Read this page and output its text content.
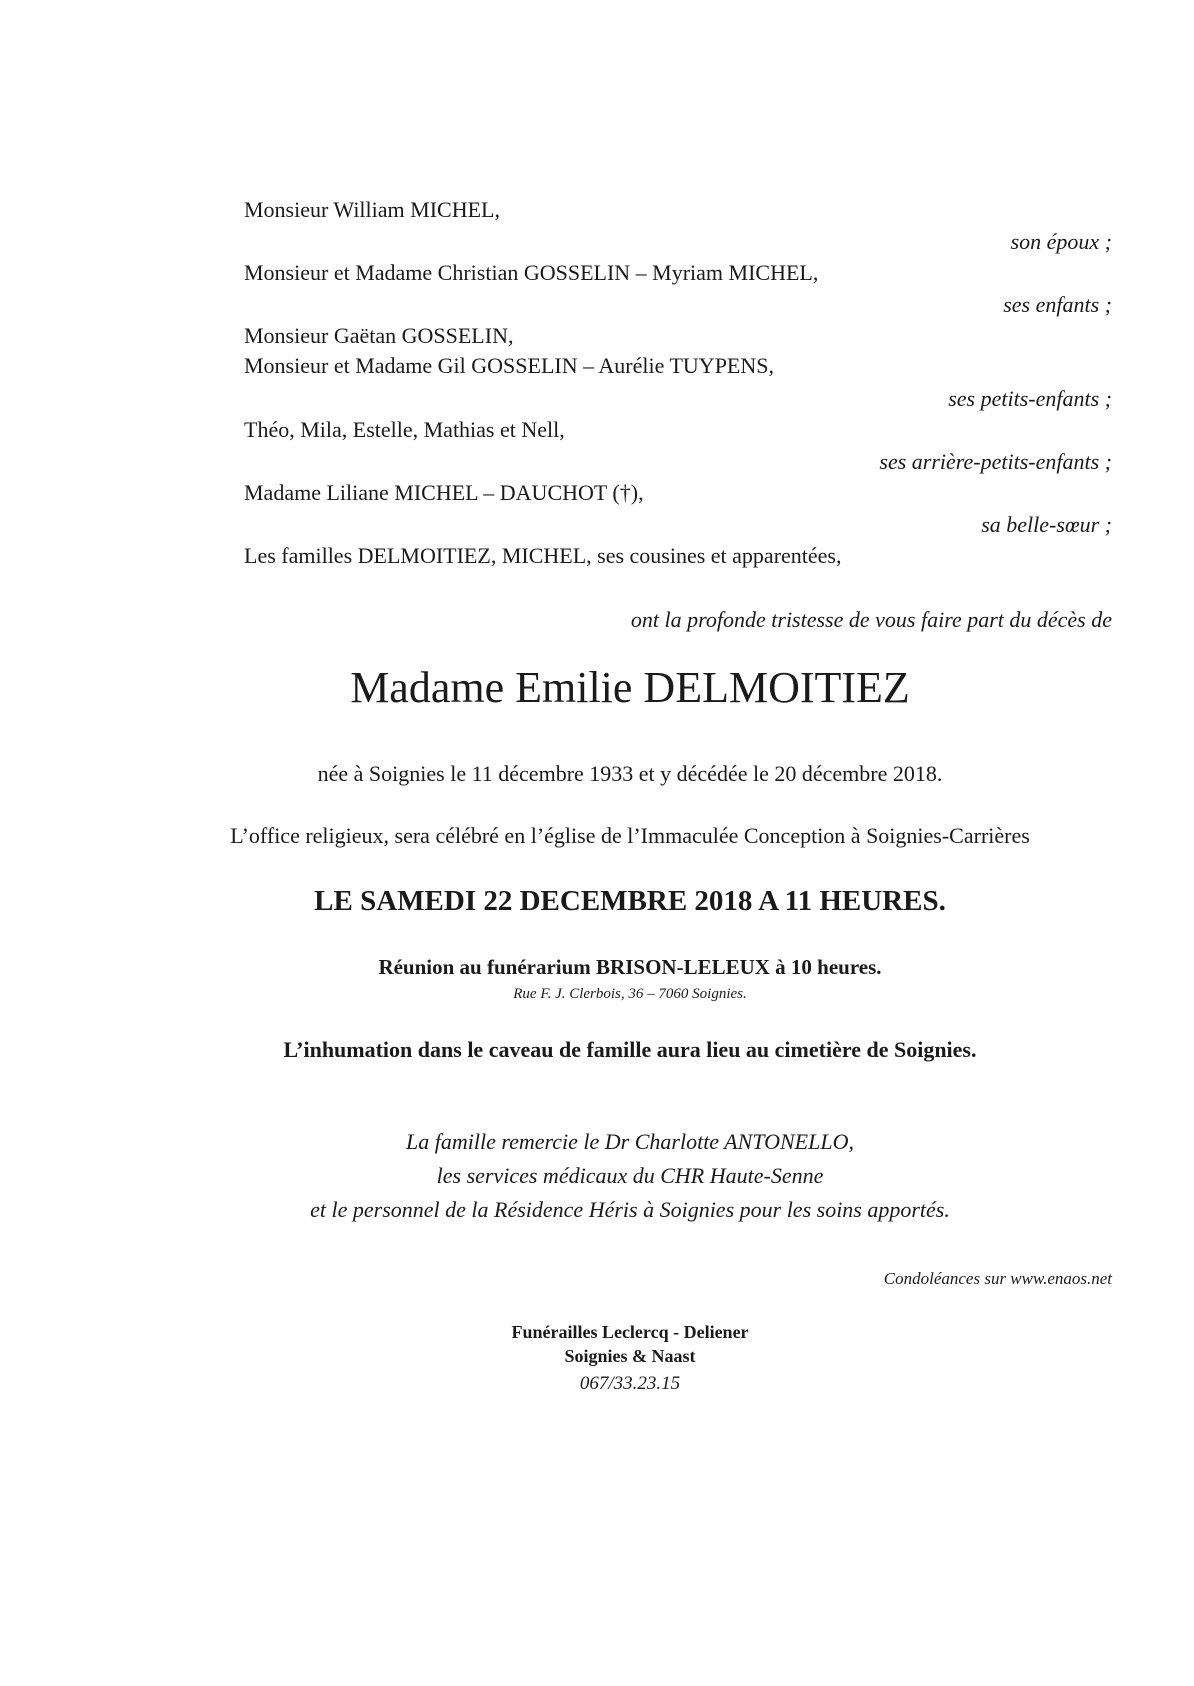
Monsieur William MICHEL,
son époux ;
Monsieur et Madame Christian GOSSELIN – Myriam MICHEL,
ses enfants ;
Monsieur Gaëtan GOSSELIN,
Monsieur et Madame Gil GOSSELIN – Aurélie TUYPENS,
ses petits-enfants ;
Théo, Mila, Estelle, Mathias et Nell,
ses arrière-petits-enfants ;
Madame Liliane MICHEL – DAUCHOT (†),
sa belle-sœur ;
Les familles DELMOITIEZ, MICHEL, ses cousines et apparentées,
ont la profonde tristesse de vous faire part du décès de
Madame Emilie DELMOITIEZ
née à Soignies le 11 décembre 1933 et y décédée le 20 décembre 2018.
L’office religieux, sera célébré en l’église de l’Immaculée Conception à Soignies-Carrières
LE SAMEDI 22 DECEMBRE 2018 A 11 HEURES.
Réunion au funérarium BRISON-LELEUX à 10 heures.
Rue F. J. Clerbois, 36 – 7060 Soignies.
L’inhumation dans le caveau de famille aura lieu au cimetière de Soignies.
La famille remercie le Dr Charlotte ANTONELLO,
les services médicaux du CHR Haute-Senne
et le personnel de la Résidence Héris à Soignies pour les soins apportés.
Condoléances sur www.enaos.net
Funérailles Leclercq - Deliener
Soignies & Naast
067/33.23.15
